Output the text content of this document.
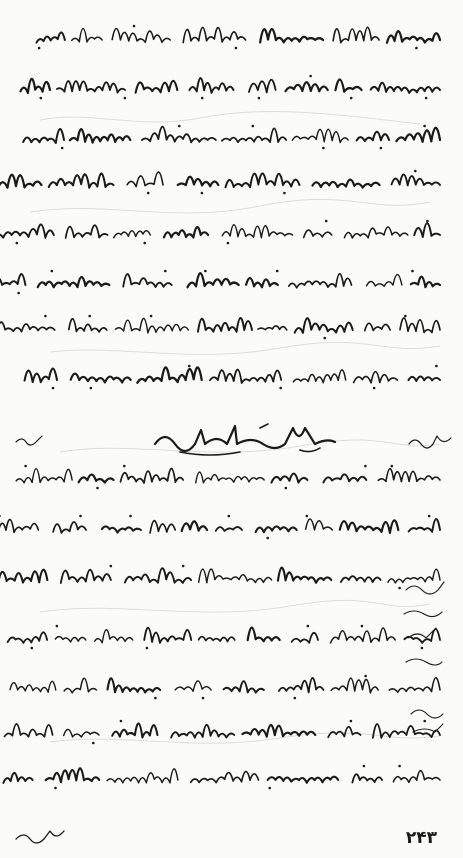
۲۴۳
